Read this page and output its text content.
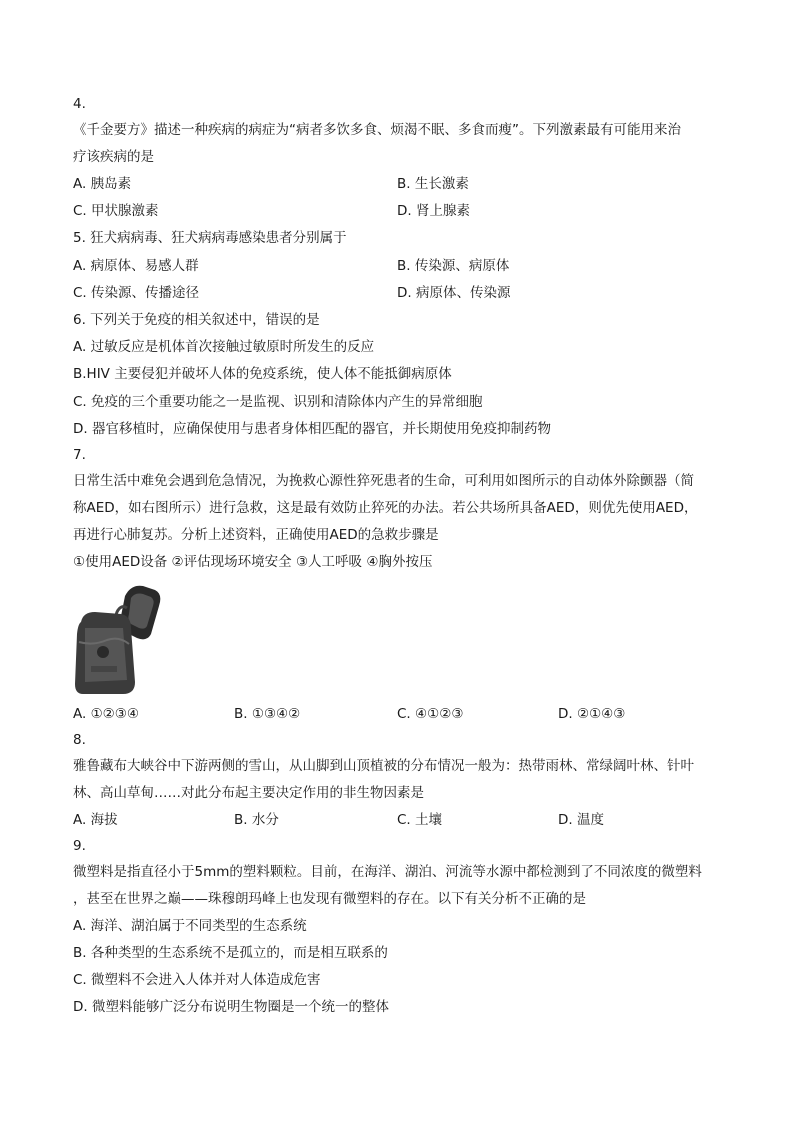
4.
《千金要方》描述一种疾病的病症为“病者多饮多食、烦渴不眠、多食而瘦”。下列激素最有可能用来治
疗该疾病的是
A. 胰岛素	B. 生长激素
C. 甲状腺激素	D. 肾上腺素
5. 狂犬病病毒、狂犬病病毒感染患者分别属于
A. 病原体、易感人群	B. 传染源、病原体
C. 传染源、传播途径	D. 病原体、传染源
6. 下列关于免疫的相关叙述中，错误的是
A. 过敏反应是机体首次接触过敏原时所发生的反应
B.HIV 主要侵犯并破坏人体的免疫系统，使人体不能抵御病原体
C. 免疫的三个重要功能之一是监视、识别和清除体内产生的异常细胞
D. 器官移植时，应确保使用与患者身体相匹配的器官，并长期使用免疫抑制药物
7.
日常生活中难免会遇到危急情况，为挽救心源性猝死患者的生命，可利用如图所示的自动体外除颤器（简
称AED，如右图所示）进行急救，这是最有效防止猝死的办法。若公共场所具备AED，则优先使用AED，
再进行心肺复苏。分析上述资料，正确使用AED的急救步骤是
①使用AED设备 ②评估现场环境安全 ③人工呼吸 ④胸外按压
A. ①②③④	B. ①③④②	C. ④①②③	D. ②①④③
8.
雅鲁藏布大峡谷中下游两侧的雪山，从山脚到山顶植被的分布情况一般为：热带雨林、常绿阔叶林、针叶
林、高山草甸……对此分布起主要决定作用的非生物因素是
A. 海拔	B. 水分	C. 土壤	D. 温度
9.
微塑料是指直径小于5mm的塑料颗粒。目前，在海洋、湖泊、河流等水源中都检测到了不同浓度的微塑料
，甚至在世界之巅——珠穆朗玛峰上也发现有微塑料的存在。以下有关分析不正确的是
A. 海洋、湖泊属于不同类型的生态系统
B. 各种类型的生态系统不是孤立的，而是相互联系的
C. 微塑料不会进入人体并对人体造成危害
D. 微塑料能够广泛分布说明生物圈是一个统一的整体
